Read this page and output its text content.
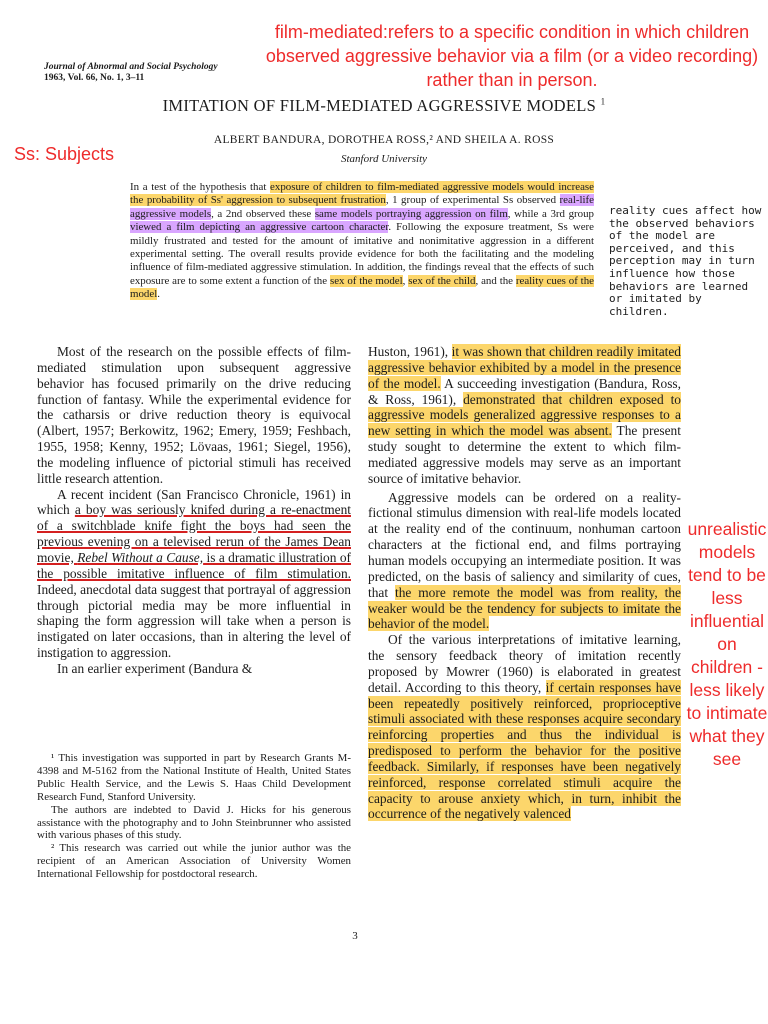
film-mediated:refers to a specific condition in which children observed aggressive behavior via a film (or a video recording) rather than in person.
Journal of Abnormal and Social Psychology
1963, Vol. 66, No. 1, 3–11
IMITATION OF FILM-MEDIATED AGGRESSIVE MODELS $^1$
ALBERT BANDURA, DOROTHEA ROSS,² AND SHEILA A. ROSS
Stanford University
Ss: Subjects
In a test of the hypothesis that exposure of children to film-mediated aggressive models would increase the probability of Ss' aggression to subsequent frustration, 1 group of experimental Ss observed real-life aggressive models, a 2nd observed these same models portraying aggression on film, while a 3rd group viewed a film depicting an aggressive cartoon character. Following the exposure treatment, Ss were mildly frustrated and tested for the amount of imitative and nonimitative aggression in a different experimental setting. The overall results provide evidence for both the facilitating and the modeling influence of film-mediated aggressive stimulation. In addition, the findings reveal that the effects of such exposure are to some extent a function of the sex of the model, sex of the child, and the reality cues of the model.
reality cues affect how the observed behaviors of the model are perceived, and this perception may in turn influence how those behaviors are learned or imitated by children.

Most of the research on the possible effects of film-mediated stimulation upon subsequent aggressive behavior has focused primarily on the drive reducing function of fantasy. While the experimental evidence for the catharsis or drive reduction theory is equivocal (Albert, 1957; Berkowitz, 1962; Emery, 1959; Feshbach, 1955, 1958; Kenny, 1952; Lövaas, 1961; Siegel, 1956), the modeling influence of pictorial stimuli has received little research attention.

A recent incident (San Francisco Chronicle, 1961) in which a boy was seriously knifed during a re-enactment of a switchblade knife fight the boys had seen the previous evening on a televised rerun of the James Dean movie, Rebel Without a Cause, is a dramatic illustration of the possible imitative influence of film stimulation. Indeed, anecdotal data suggest that portrayal of aggression through pictorial media may be more influential in shaping the form aggression will take when a person is instigated on later occasions, than in altering the level of instigation to aggression.

In an earlier experiment (Bandura &

¹ This investigation was supported in part by Research Grants M-4398 and M-5162 from the National Institute of Health, United States Public Health Service, and the Lewis S. Haas Child Development Research Fund, Stanford University.

The authors are indebted to David J. Hicks for his generous assistance with the photography and to John Steinbrunner who assisted with various phases of this study.

² This research was carried out while the junior author was the recipient of an American Association of University Women International Fellowship for postdoctoral research.

Huston, 1961), it was shown that children readily imitated aggressive behavior exhibited by a model in the presence of the model. A succeeding investigation (Bandura, Ross, & Ross, 1961), demonstrated that children exposed to aggressive models generalized aggressive responses to a new setting in which the model was absent. The present study sought to determine the extent to which film-mediated aggressive models may serve as an important source of imitative behavior.

Aggressive models can be ordered on a reality-fictional stimulus dimension with real-life models located at the reality end of the continuum, nonhuman cartoon characters at the fictional end, and films portraying human models occupying an intermediate position. It was predicted, on the basis of saliency and similarity of cues, that the more remote the model was from reality, the weaker would be the tendency for subjects to imitate the behavior of the model.

Of the various interpretations of imitative learning, the sensory feedback theory of imitation recently proposed by Mowrer (1960) is elaborated in greatest detail. According to this theory, if certain responses have been repeatedly positively reinforced, proprioceptive stimuli associated with these responses acquire secondary reinforcing properties and thus the individual is predisposed to perform the behavior for the positive feedback. Similarly, if responses have been negatively reinforced, response correlated stimuli acquire the capacity to arouse anxiety which, in turn, inhibit the occurrence of the negatively valenced

unrealistic models tend to be less influential on children - less likely to intimate what they see
3
